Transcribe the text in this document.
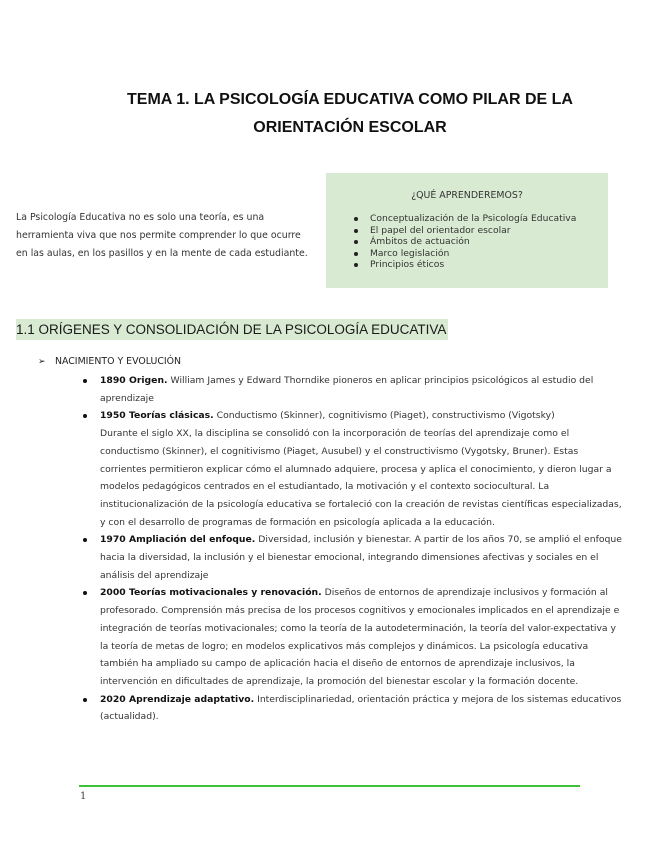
TEMA 1. LA PSICOLOGÍA EDUCATIVA COMO PILAR DE LA ORIENTACIÓN ESCOLAR

La Psicología Educativa no es solo una teoría, es una herramienta viva que nos permite comprender lo que ocurre en las aulas, en los pasillos y en la mente de cada estudiante.

¿QUÉ APRENDEREMOS?
Conceptualización de la Psicología Educativa
El papel del orientador escolar
Ámbitos de actuación
Marco legislación
Principios éticos
1.1 ORÍGENES Y CONSOLIDACIÓN DE LA PSICOLOGÍA EDUCATIVA
➢ NACIMIENTO Y EVOLUCIÓN
1890 Origen. William James y Edward Thorndike pioneros en aplicar principios psicológicos al estudio del aprendizaje
1950 Teorías clásicas. Conductismo (Skinner), cognitivismo (Piaget), constructivismo (Vigotsky)
Durante el siglo XX, la disciplina se consolidó con la incorporación de teorías del aprendizaje como el conductismo (Skinner), el cognitivismo (Piaget, Ausubel) y el constructivismo (Vygotsky, Bruner). Estas corrientes permitieron explicar cómo el alumnado adquiere, procesa y aplica el conocimiento, y dieron lugar a modelos pedagógicos centrados en el estudiantado, la motivación y el contexto sociocultural. La institucionalización de la psicología educativa se fortaleció con la creación de revistas científicas especializadas, y con el desarrollo de programas de formación en psicología aplicada a la educación.
1970 Ampliación del enfoque. Diversidad, inclusión y bienestar. A partir de los años 70, se amplió el enfoque hacia la diversidad, la inclusión y el bienestar emocional, integrando dimensiones afectivas y sociales en el análisis del aprendizaje
2000 Teorías motivacionales y renovación. Diseños de entornos de aprendizaje inclusivos y formación al profesorado. Comprensión más precisa de los procesos cognitivos y emocionales implicados en el aprendizaje e integración de teorías motivacionales; como la teoría de la autodeterminación, la teoría del valor-expectativa y la teoría de metas de logro; en modelos explicativos más complejos y dinámicos. La psicología educativa también ha ampliado su campo de aplicación hacia el diseño de entornos de aprendizaje inclusivos, la intervención en dificultades de aprendizaje, la promoción del bienestar escolar y la formación docente.
2020 Aprendizaje adaptativo. Interdisciplinariedad, orientación práctica y mejora de los sistemas educativos (actualidad).
1
